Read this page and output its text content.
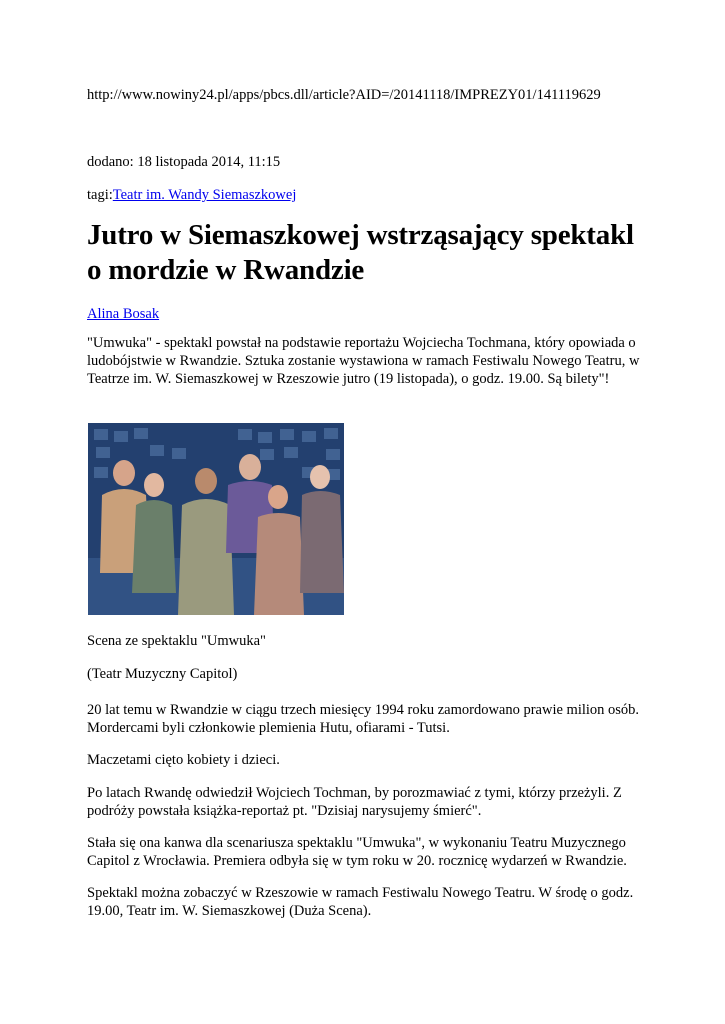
http://www.nowiny24.pl/apps/pbcs.dll/article?AID=/20141118/IMPREZY01/141119629
dodano: 18 listopada 2014, 11:15
tagi:Teatr im. Wandy Siemaszkowej
Jutro w Siemaszkowej wstrząsający spektakl o mordzie w Rwandzie
Alina Bosak
"Umwuka" - spektakl powstał na podstawie reportażu Wojciecha Tochmana, który opowiada o ludobójstwie w Rwandzie. Sztuka zostanie wystawiona w ramach Festiwalu Nowego Teatru, w Teatrze im. W. Siemaszkowej w Rzeszowie jutro (19 listopada), o godz. 19.00. Są bilety"!
Scena ze spektaklu "Umwuka"
(Teatr Muzyczny Capitol)
20 lat temu w Rwandzie w ciągu trzech miesięcy 1994 roku zamordowano prawie milion osób. Mordercami byli członkowie plemienia Hutu, ofiarami - Tutsi.
Maczetami cięto kobiety i dzieci.
Po latach Rwandę odwiedził Wojciech Tochman, by porozmawiać z tymi, którzy przeżyli. Z podróży powstała książka-reportaż pt. "Dzisiaj narysujemy śmierć".
Stała się ona kanwa dla scenariusza spektaklu "Umwuka", w wykonaniu Teatru Muzycznego Capitol z Wrocławia. Premiera odbyła się w tym roku w 20. rocznicę wydarzeń w Rwandzie.
Spektakl można zobaczyć w Rzeszowie w ramach Festiwalu Nowego Teatru. W środę o godz. 19.00, Teatr im. W. Siemaszkowej (Duża Scena).
